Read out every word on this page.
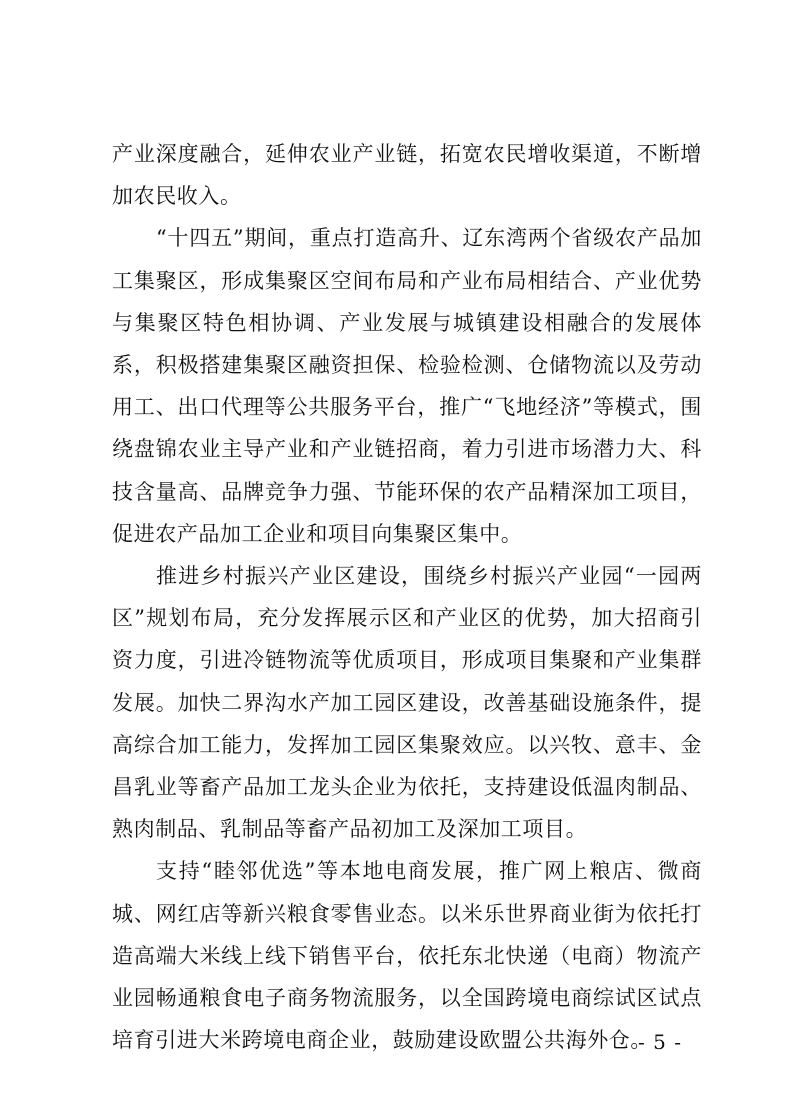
产业深度融合，延伸农业产业链，拓宽农民增收渠道，不断增加农民收入。

“十四五”期间，重点打造高升、辽东湾两个省级农产品加工集聚区，形成集聚区空间布局和产业布局相结合、产业优势与集聚区特色相协调、产业发展与城镇建设相融合的发展体系，积极搭建集聚区融资担保、检验检测、仓储物流以及劳动用工、出口代理等公共服务平台，推广“飞地经济”等模式，围绕盘锦农业主导产业和产业链招商，着力引进市场潜力大、科技含量高、品牌竞争力强、节能环保的农产品精深加工项目，促进农产品加工企业和项目向集聚区集中。

推进乡村振兴产业区建设，围绕乡村振兴产业园“一园两区”规划布局，充分发挥展示区和产业区的优势，加大招商引资力度，引进冷链物流等优质项目，形成项目集聚和产业集群发展。加快二界沟水产加工园区建设，改善基础设施条件，提高综合加工能力，发挥加工园区集聚效应。以兴牧、意丰、金昌乳业等畜产品加工龙头企业为依托，支持建设低温肉制品、熟肉制品、乳制品等畜产品初加工及深加工项目。

支持“睦邻优选”等本地电商发展，推广网上粮店、微商城、网红店等新兴粮食零售业态。以米乐世界商业街为依托打造高端大米线上线下销售平台，依托东北快递（电商）物流产业园畅通粮食电子商务物流服务，以全国跨境电商综试区试点培育引进大米跨境电商企业，鼓励建设欧盟公共海外仓。

- 5 -
